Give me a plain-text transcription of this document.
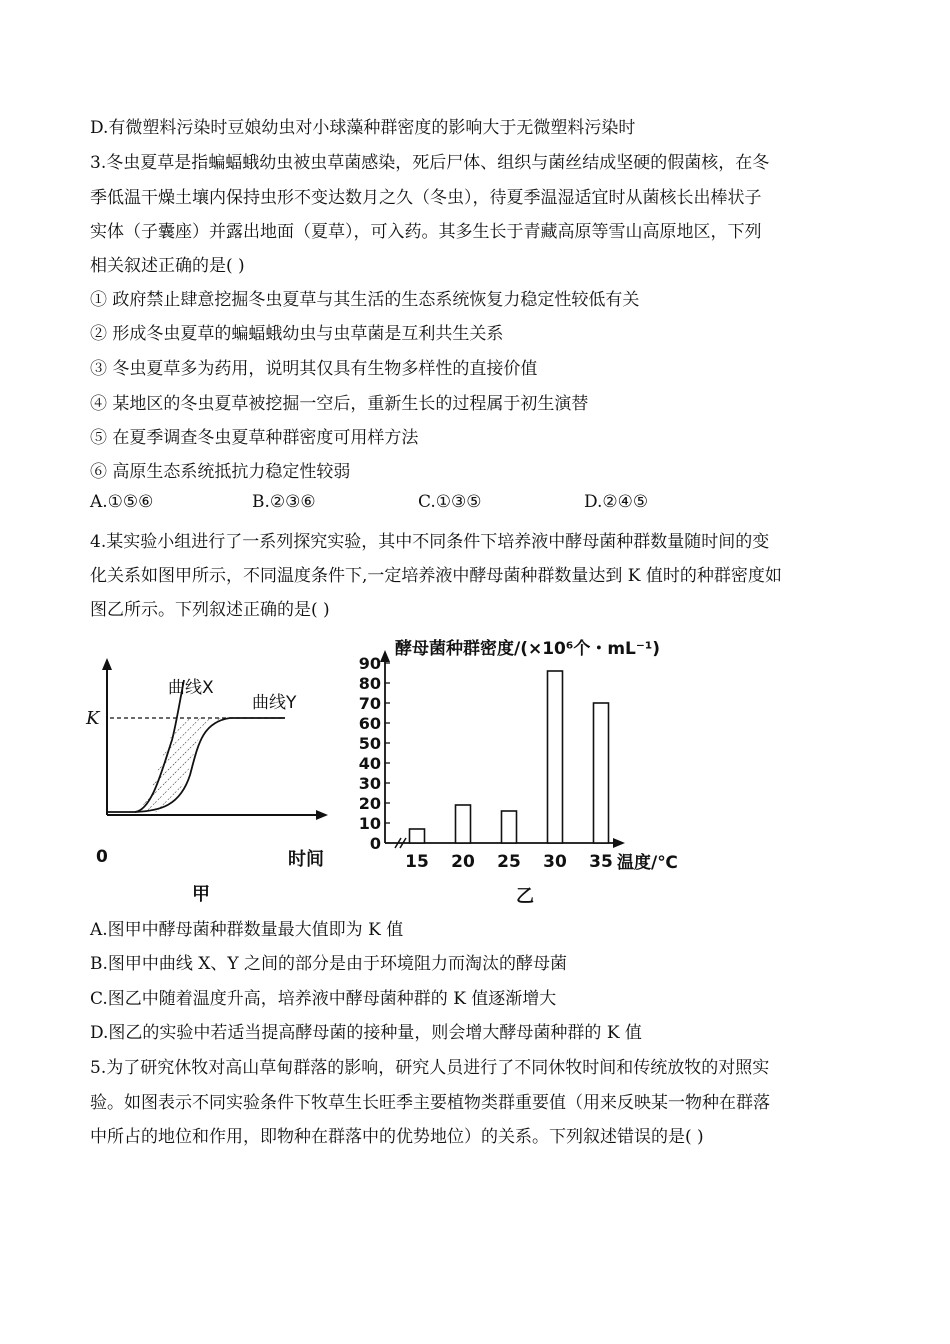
D.有微塑料污染时豆娘幼虫对小球藻种群密度的影响大于无微塑料污染时
3.冬虫夏草是指蝙蝠蛾幼虫被虫草菌感染，死后尸体、组织与菌丝结成坚硬的假菌核，在冬
季低温干燥土壤内保持虫形不变达数月之久（冬虫），待夏季温湿适宜时从菌核长出棒状子
实体（子囊座）并露出地面（夏草），可入药。其多生长于青藏高原等雪山高原地区，下列
相关叙述正确的是( )
① 政府禁止肆意挖掘冬虫夏草与其生活的生态系统恢复力稳定性较低有关
② 形成冬虫夏草的蝙蝠蛾幼虫与虫草菌是互利共生关系
③ 冬虫夏草多为药用，说明其仅具有生物多样性的直接价值
④ 某地区的冬虫夏草被挖掘一空后，重新生长的过程属于初生演替
⑤ 在夏季调查冬虫夏草种群密度可用样方法
⑥ 高原生态系统抵抗力稳定性较弱
A.①⑤⑥	B.②③⑥	C.①③⑤	D.②④⑤
4.某实验小组进行了一系列探究实验，其中不同条件下培养液中酵母菌种群数量随时间的变
化关系如图甲所示，不同温度条件下,一定培养液中酵母菌种群数量达到 K 值时的种群密度如
图乙所示。下列叙述正确的是( )
K
曲线X
曲线Y
0	时间
甲
酵母菌种群密度/(×10⁶个・mL⁻¹)
0
10
20
30
40
50
60
70
80
90
15 20 25 30 35 温度/℃
乙
A.图甲中酵母菌种群数量最大值即为 K 值
B.图甲中曲线 X、Y 之间的部分是由于环境阻力而淘汰的酵母菌
C.图乙中随着温度升高，培养液中酵母菌种群的 K 值逐渐增大
D.图乙的实验中若适当提高酵母菌的接种量，则会增大酵母菌种群的 K 值
5.为了研究休牧对高山草甸群落的影响，研究人员进行了不同休牧时间和传统放牧的对照实
验。如图表示不同实验条件下牧草生长旺季主要植物类群重要值（用来反映某一物种在群落
中所占的地位和作用，即物种在群落中的优势地位）的关系。下列叙述错误的是( )
